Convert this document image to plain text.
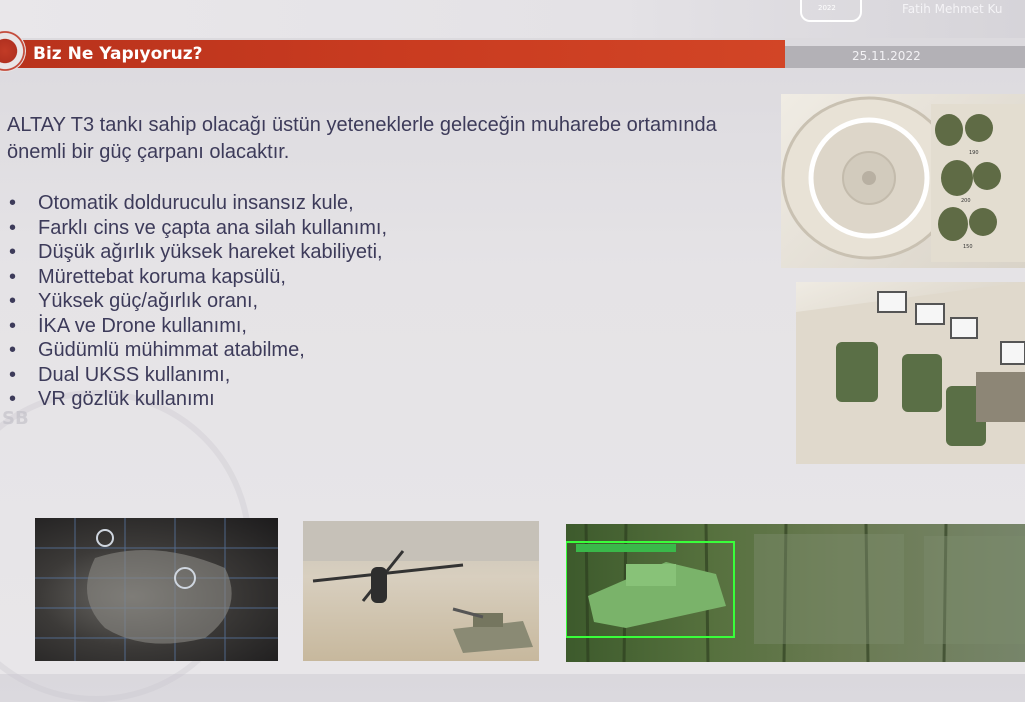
2022	Fatih Mehmet Ku
Biz Ne Yapıyoruz?	25.11.2022
SB
ALTAY T3 tankı sahip olacağı üstün yeteneklerle geleceğin muharebe ortamında önemli bir güç çarpanı olacaktır.
• Otomatik dolduruculu insansız kule,
• Farklı cins ve çapta ana silah kullanımı,
• Düşük ağırlık yüksek hareket kabiliyeti,
• Mürettebat koruma kapsülü,
• Yüksek güç/ağırlık oranı,
• İKA ve Drone kullanımı,
• Güdümlü mühimmat atabilme,
• Dual UKSS kullanımı,
• VR gözlük kullanımı
190
200
150
